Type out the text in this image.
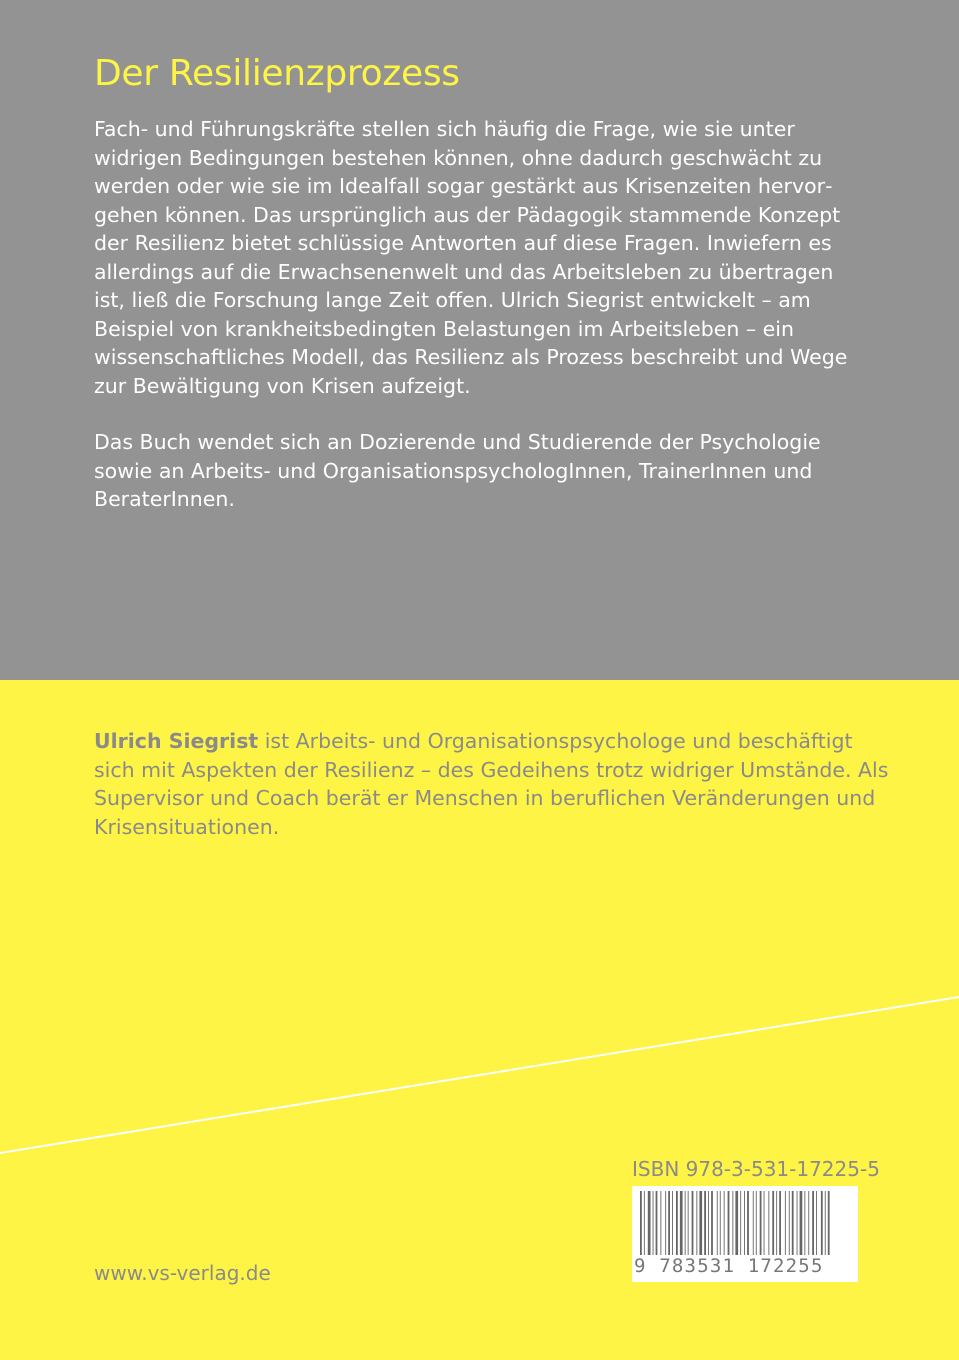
Der Resilienzprozess

Fach- und Führungskräfte stellen sich häufig die Frage, wie sie unter widrigen Bedingungen bestehen können, ohne dadurch geschwächt zu werden oder wie sie im Idealfall sogar gestärkt aus Krisenzeiten hervorgehen können. Das ursprünglich aus der Pädagogik stammende Konzept der Resilienz bietet schlüssige Antworten auf diese Fragen. Inwiefern es allerdings auf die Erwachsenenwelt und das Arbeitsleben zu übertragen ist, ließ die Forschung lange Zeit offen. Ulrich Siegrist entwickelt – am Beispiel von krankheitsbedingten Belastungen im Arbeitsleben – ein wissenschaftliches Modell, das Resilienz als Prozess beschreibt und Wege zur Bewältigung von Krisen aufzeigt.

Das Buch wendet sich an Dozierende und Studierende der Psychologie sowie an Arbeits- und OrganisationspsychologInnen, TrainerInnen und BeraterInnen.

Ulrich Siegrist ist Arbeits- und Organisationspsychologe und beschäftigt sich mit Aspekten der Resilienz – des Gedeihens trotz widriger Umstände. Als Supervisor und Coach berät er Menschen in beruflichen Veränderungen und Krisensituationen.

ISBN 978-3-531-17225-5

9 783531 172255

www.vs-verlag.de
